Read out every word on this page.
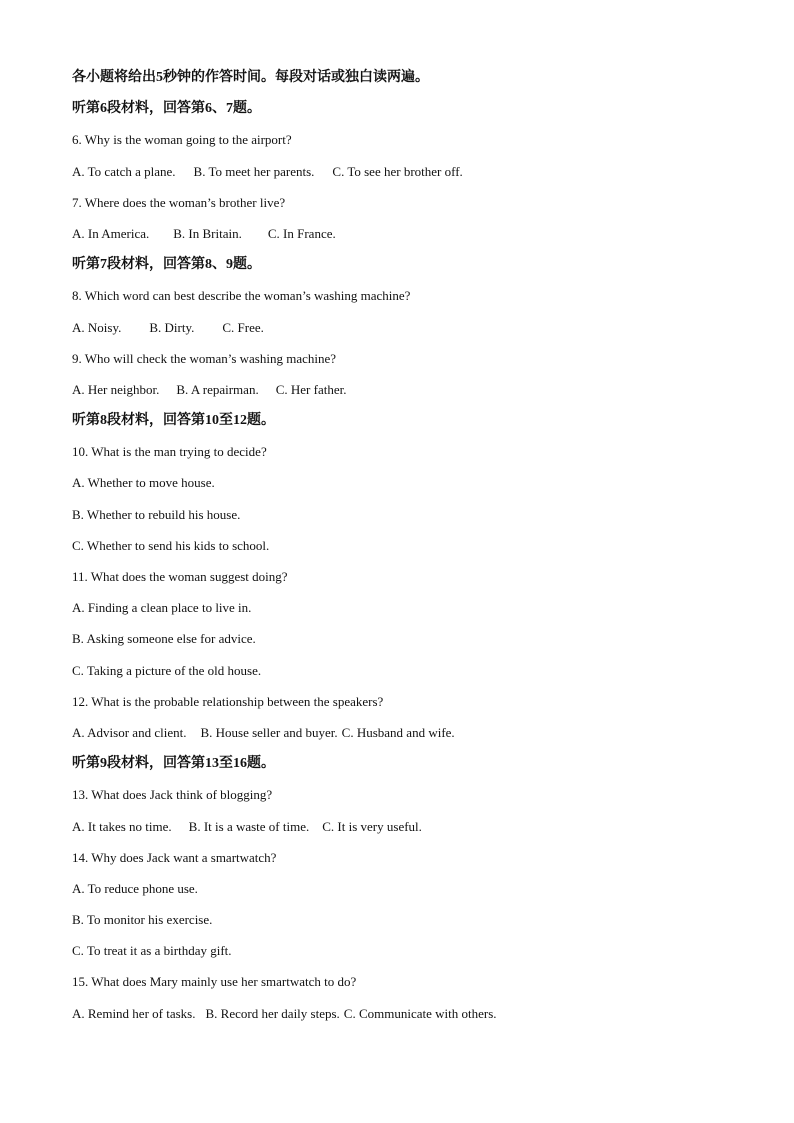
各小题将给出5秒钟的作答时间。每段对话或独白读两遍。
听第6段材料，回答第6、7题。
6. Why is the woman going to the airport?
A. To catch a plane. B. To meet her parents. C. To see her brother off.
7. Where does the woman’s brother live?
A. In America. B. In Britain. C. In France.
听第7段材料，回答第8、9题。
8. Which word can best describe the woman’s washing machine?
A. Noisy. B. Dirty. C. Free.
9. Who will check the woman’s washing machine?
A. Her neighbor. B. A repairman. C. Her father.
听第8段材料，回答第10至12题。
10. What is the man trying to decide?
A. Whether to move house.
B. Whether to rebuild his house.
C. Whether to send his kids to school.
11. What does the woman suggest doing?
A. Finding a clean place to live in.
B. Asking someone else for advice.
C. Taking a picture of the old house.
12. What is the probable relationship between the speakers?
A. Advisor and client. B. House seller and buyer. C. Husband and wife.
听第9段材料，回答第13至16题。
13. What does Jack think of blogging?
A. It takes no time. B. It is a waste of time. C. It is very useful.
14. Why does Jack want a smartwatch?
A. To reduce phone use.
B. To monitor his exercise.
C. To treat it as a birthday gift.
15. What does Mary mainly use her smartwatch to do?
A. Remind her of tasks. B. Record her daily steps. C. Communicate with others.
